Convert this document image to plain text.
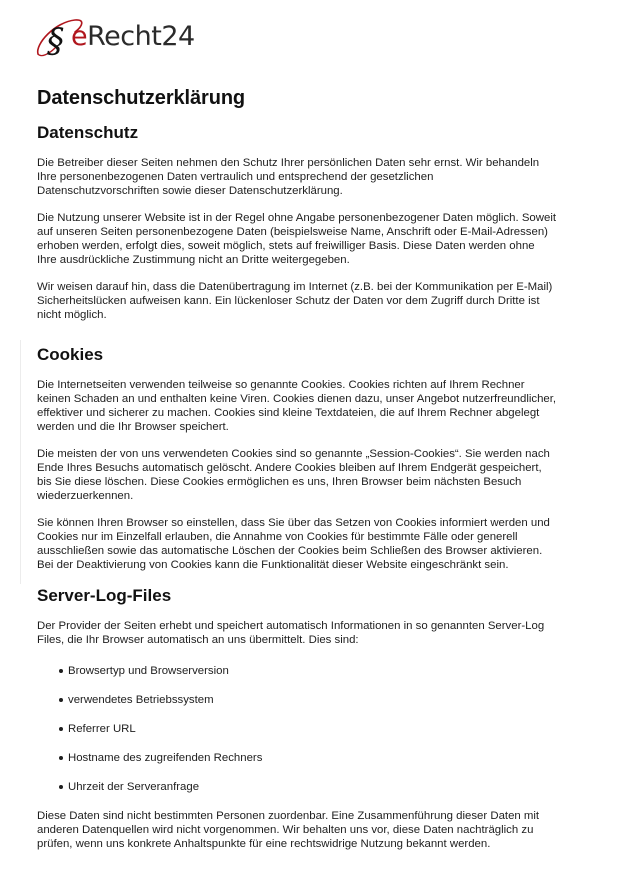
§ eRecht24
Datenschutzerklärung
Datenschutz

Die Betreiber dieser Seiten nehmen den Schutz Ihrer persönlichen Daten sehr ernst. Wir behandeln Ihre personenbezogenen Daten vertraulich und entsprechend der gesetzlichen Datenschutzvorschriften sowie dieser Datenschutzerklärung.

Die Nutzung unserer Website ist in der Regel ohne Angabe personenbezogener Daten möglich. Soweit auf unseren Seiten personenbezogene Daten (beispielsweise Name, Anschrift oder E-Mail-Adressen) erhoben werden, erfolgt dies, soweit möglich, stets auf freiwilliger Basis. Diese Daten werden ohne Ihre ausdrückliche Zustimmung nicht an Dritte weitergegeben.

Wir weisen darauf hin, dass die Datenübertragung im Internet (z.B. bei der Kommunikation per E-Mail) Sicherheitslücken aufweisen kann. Ein lückenloser Schutz der Daten vor dem Zugriff durch Dritte ist nicht möglich.

Cookies

Die Internetseiten verwenden teilweise so genannte Cookies. Cookies richten auf Ihrem Rechner keinen Schaden an und enthalten keine Viren. Cookies dienen dazu, unser Angebot nutzerfreundlicher, effektiver und sicherer zu machen. Cookies sind kleine Textdateien, die auf Ihrem Rechner abgelegt werden und die Ihr Browser speichert.

Die meisten der von uns verwendeten Cookies sind so genannte „Session-Cookies“. Sie werden nach Ende Ihres Besuchs automatisch gelöscht. Andere Cookies bleiben auf Ihrem Endgerät gespeichert, bis Sie diese löschen. Diese Cookies ermöglichen es uns, Ihren Browser beim nächsten Besuch wiederzuerkennen.

Sie können Ihren Browser so einstellen, dass Sie über das Setzen von Cookies informiert werden und Cookies nur im Einzelfall erlauben, die Annahme von Cookies für bestimmte Fälle oder generell ausschließen sowie das automatische Löschen der Cookies beim Schließen des Browser aktivieren. Bei der Deaktivierung von Cookies kann die Funktionalität dieser Website eingeschränkt sein.

Server-Log-Files

Der Provider der Seiten erhebt und speichert automatisch Informationen in so genannten Server-Log Files, die Ihr Browser automatisch an uns übermittelt. Dies sind:

Browsertyp und Browserversion
verwendetes Betriebssystem
Referrer URL
Hostname des zugreifenden Rechners
Uhrzeit der Serveranfrage

Diese Daten sind nicht bestimmten Personen zuordenbar. Eine Zusammenführung dieser Daten mit anderen Datenquellen wird nicht vorgenommen. Wir behalten uns vor, diese Daten nachträglich zu prüfen, wenn uns konkrete Anhaltspunkte für eine rechtswidrige Nutzung bekannt werden.
